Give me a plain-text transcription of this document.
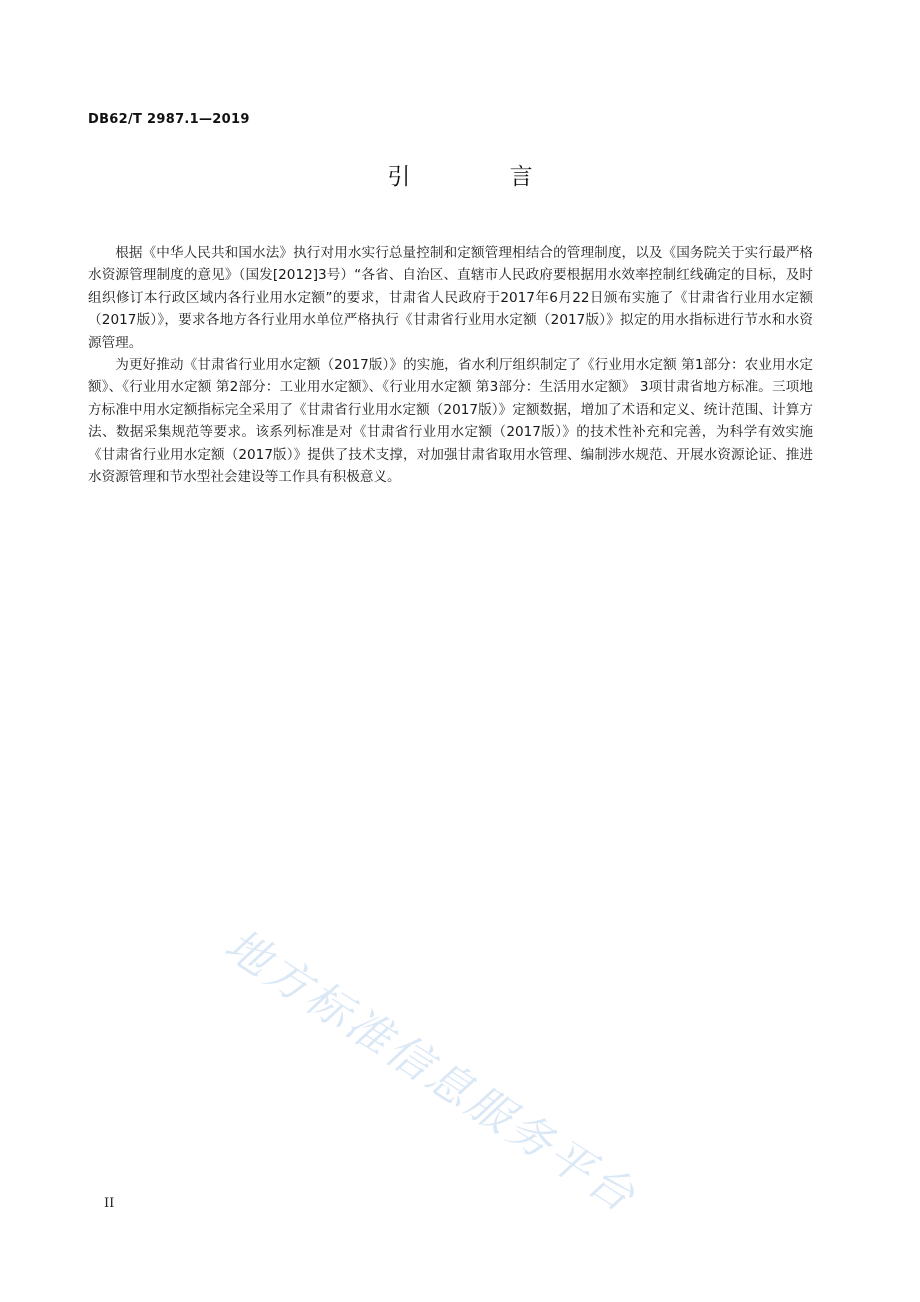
DB62/T 2987.1—2019
引 言

根据《中华人民共和国水法》执行对用水实行总量控制和定额管理相结合的管理制度，以及《国务院关于实行最严格水资源管理制度的意见》（国发[2012]3号）“各省、自治区、直辖市人民政府要根据用水效率控制红线确定的目标，及时组织修订本行政区域内各行业用水定额”的要求，甘肃省人民政府于2017年6月22日颁布实施了《甘肃省行业用水定额（2017版）》，要求各地方各行业用水单位严格执行《甘肃省行业用水定额（2017版）》拟定的用水指标进行节水和水资源管理。

为更好推动《甘肃省行业用水定额（2017版）》的实施，省水利厅组织制定了《行业用水定额 第1部分：农业用水定额》、《行业用水定额 第2部分：工业用水定额》、《行业用水定额 第3部分：生活用水定额》 3项甘肃省地方标准。三项地方标准中用水定额指标完全采用了《甘肃省行业用水定额（2017版）》定额数据，增加了术语和定义、统计范围、计算方法、数据采集规范等要求。该系列标准是对《甘肃省行业用水定额（2017版）》的技术性补充和完善，为科学有效实施《甘肃省行业用水定额（2017版）》提供了技术支撑，对加强甘肃省取用水管理、编制涉水规范、开展水资源论证、推进水资源管理和节水型社会建设等工作具有积极意义。

地方标准信息服务平台
II
